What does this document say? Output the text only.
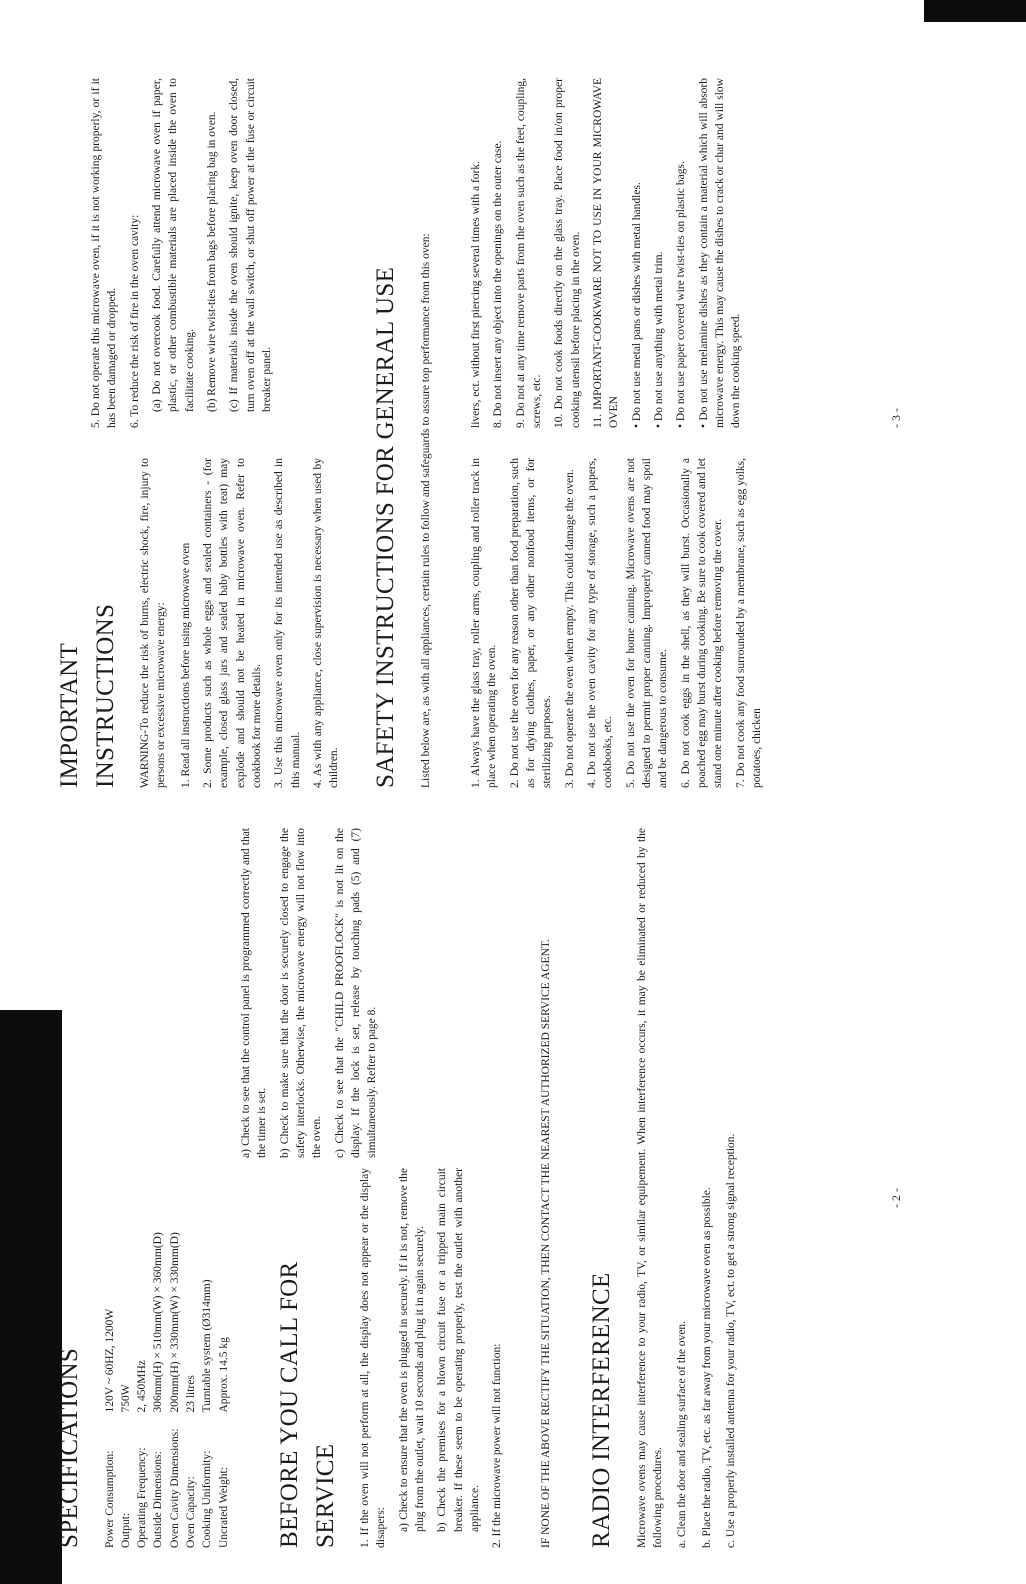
SPECIFICATIONS	Power Consumption:	120V ~ 60HZ, 1200W
Output:	750W
Operating Frequency:	2, 450MHz
Outside Dimensions:	306mm(H) × 510mm(W) × 360mm(D)
Oven Cavity Dimensions:	200mm(H) × 330mm(W) × 330mm(D)
Oven Capacity:	23 litres
Cooking Uniformity:	Turntable system (Ø314mm)
Uncrated Weight:	Approx. 14.5 kg BEFORE YOU CALL FOR SERVICE	1. If the oven will not perform at all, the display does not appear or the display disapers: a) Check to ensure that the oven is plugged in securely. If it is not, remove the plug from the outlet, wait 10 seconds and plug it in again securely. b) Check the premises for a blown circuit fuse or a tripped main circuit breaker. If these seem to be operating properly, test the outlet with another appliance. 2. If the microwave power will not function:
a) Check to see that the control panel is programmed correctly and that the timer is set. b) Check to make sure that the door is securely closed to engage the safety interlocks. Otherwise, the microwave energy will not flow into the oven. c) Check to see that the "CHILD PROOFLOCK" is not lit on the display. If the lock is set, release by touching pads (5) and (7) simultaneously. Refter to page 8.	IF NONE OF THE ABOVE RECTIFY THE SITUATION, THEN CONTACT THE NEAREST AUTHORIZED SERVICE AGENT. RADIO INTERFERENCE	Microwave ovens may cause interference to your radio, TV, or similar equipement. When interference occurs, it may be eliminated or reduced by the following procedures. a. Clean the door and sealing surface of the oven. b. Place the radio, TV, etc. as far away from your microwave oven as possible. c. Use a properly installed antenna for your radio, TV, ect. to get a strong signal reception.	- 2 -
IMPORTANT INSTRUCTIONS	WARNING-To reduce the risk of burns, electric shock, fire, injury to persons or excessive microwave energy: 1. Read all instructions before using microwave oven 2. Some products such as whole eggs and sealed containers - (for example, closed glass jars and sealed baby bottles with teat) may explode and should not be heated in microwave oven. Refer to cookbook for more details. 3. Use this microwave oven only for its intended use as described in this manual. 4. As with any appliance, close supervision is necessary when used by children.
5. Do not operate this microwave oven, if it is not working properly, or if it has been damaged or dropped. 6. To reduce the risk of fire in the oven cavity: (a) Do not overcook food. Carefully attend microwave oven if paper, plastic, or other combustible materials are placed inside the oven to facilitate cooking. (b) Remove wire twist-ties from bags before placing bag in oven. (c) If materials inside the oven should ignite, keep oven door closed, turn oven off at the wall switch, or shut off power at the fuse or circuit breaker panel.	SAFETY INSTRUCTIONS FOR GENERAL USE	Listed below are, as with all appliances, certain rules to follow and safeguards to assure top performance from this oven:	1. Always have the glass tray, roller arms, coupling and roller track in place when operating the oven. 2. Do not use the oven for any reason other than food preparation, such as for drying clothes, paper, or any other nonfood items, or for sterilizing purposes. 3. Do not operate the oven when empty. This could damage the oven. 4. Do not use the oven cavity for any type of storage, such a papers, cookbooks, etc. 5. Do not use the oven for home canning. Microwave ovens are not designed to permit proper canning. Improperly canned food may spoil and be dangerous to consume. 6. Do not cook eggs in the shell, as they will burst. Occasionally a poached egg may burst during cooking. Be sure to cook covered and let stand one minute after cooking before removing the cover. 7. Do not cook any food surrounded by a membrane, such as egg yolks, potatoes, chicken
livers, ect. without first piercing several times with a fork. 8. Do not insert any object into the openings on the outer case. 9. Do not at any time remove parts from the oven such as the feet, coupling, screws, etc. 10. Do not cook foods directly on the glass tray. Place food in/on proper cooking utensil before placing in the oven. 11. IMPORTANT-COOKWARE NOT TO USE IN YOUR MICROWAVE OVEN • Do not use metal pans or dishes with metal handles. • Do not use anything with metal trim. • Do not use paper covered wire twist-ties on plastic bags. • Do not use melamine dishes as they contain a material which will absorb microwave energy. This may cause the dishes to crack or char and will slow down the cooking speed.	- 3 -
